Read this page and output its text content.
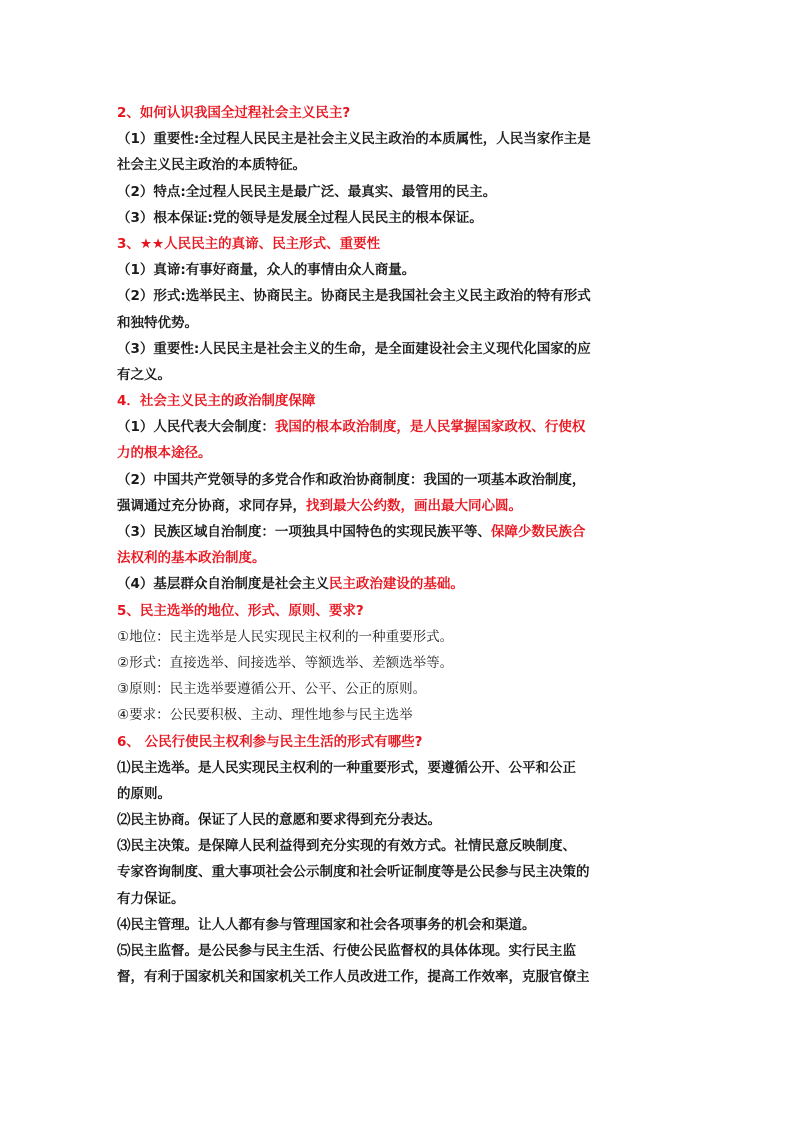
2、如何认识我国全过程社会主义民主?
（1）重要性:全过程人民民主是社会主义民主政治的本质属性，人民当家作主是
社会主义民主政治的本质特征。
（2）特点:全过程人民民主是最广泛、最真实、最管用的民主。
（3）根本保证:党的领导是发展全过程人民民主的根本保证。
3、★★人民民主的真谛、民主形式、重要性
（1）真谛:有事好商量，众人的事情由众人商量。
（2）形式:选举民主、协商民主。协商民主是我国社会主义民主政治的特有形式
和独特优势。
（3）重要性:人民民主是社会主义的生命，是全面建设社会主义现代化国家的应
有之义。
4．社会主义民主的政治制度保障
（1）人民代表大会制度：我国的根本政治制度，是人民掌握国家政权、行使权
力的根本途径。
（2）中国共产党领导的多党合作和政治协商制度：我国的一项基本政治制度，
强调通过充分协商，求同存异，找到最大公约数，画出最大同心圆。
（3）民族区域自治制度：一项独具中国特色的实现民族平等、保障少数民族合
法权利的基本政治制度。
（4）基层群众自治制度是社会主义民主政治建设的基础。
5、民主选举的地位、形式、原则、要求?
①地位：民主选举是人民实现民主权利的一种重要形式。
②形式：直接选举、间接选举、等额选举、差额选举等。
③原则：民主选举要遵循公开、公平、公正的原则。
④要求：公民要积极、主动、理性地参与民主选举
6、 公民行使民主权利参与民主生活的形式有哪些?
⑴民主选举。是人民实现民主权利的一种重要形式，要遵循公开、公平和公正
的原则。
⑵民主协商。保证了人民的意愿和要求得到充分表达。
⑶民主决策。是保障人民利益得到充分实现的有效方式。社情民意反映制度、
专家咨询制度、重大事项社会公示制度和社会听证制度等是公民参与民主决策的
有力保证。
⑷民主管理。让人人都有参与管理国家和社会各项事务的机会和渠道。
⑸民主监督。是公民参与民主生活、行使公民监督权的具体体现。实行民主监
督，有利于国家机关和国家机关工作人员改进工作，提高工作效率，克服官僚主
